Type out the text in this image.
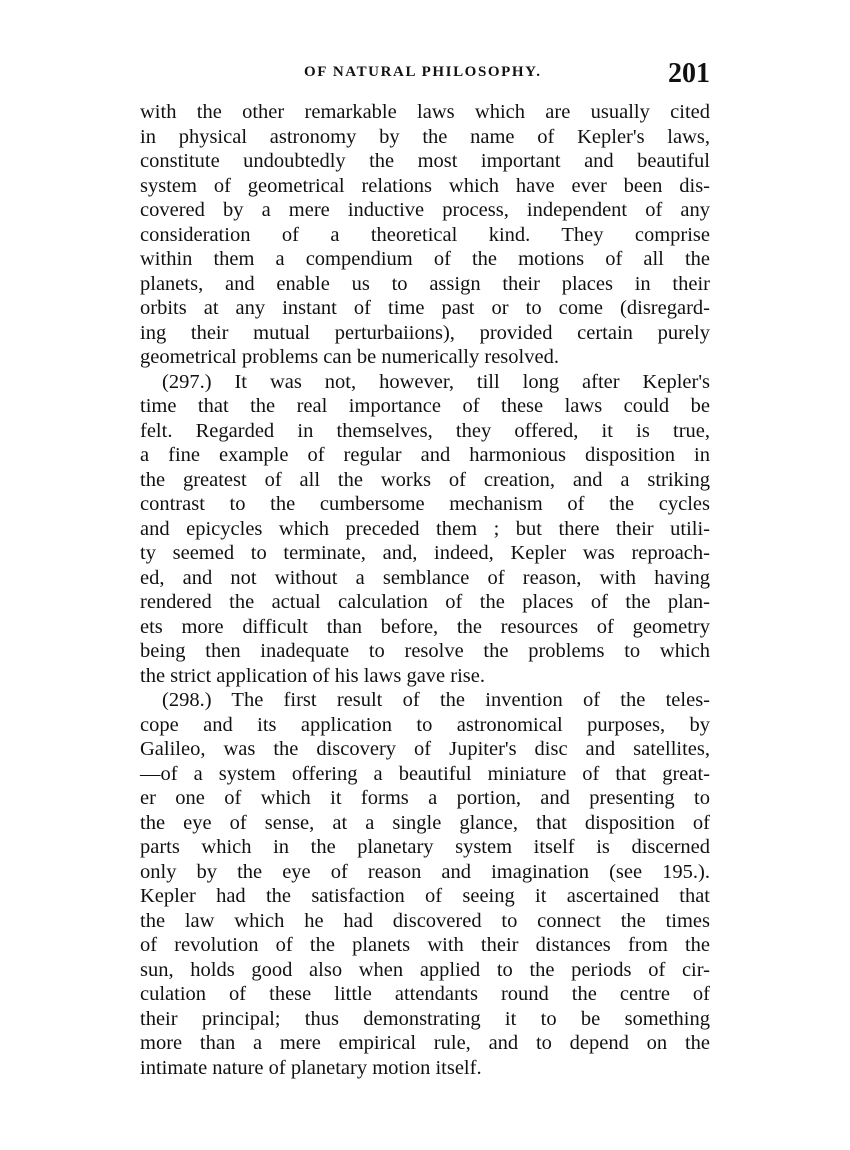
OF NATURAL PHILOSOPHY.	201
with the other remarkable laws which are usually cited
in physical astronomy by the name of Kepler's laws,
constitute undoubtedly the most important and beautiful
system of geometrical relations which have ever been dis-
covered by a mere inductive process, independent of any
consideration of a theoretical kind. They comprise
within them a compendium of the motions of all the
planets, and enable us to assign their places in their
orbits at any instant of time past or to come (disregard-
ing their mutual perturbaiions), provided certain purely
geometrical problems can be numerically resolved.
(297.) It was not, however, till long after Kepler's
time that the real importance of these laws could be
felt. Regarded in themselves, they offered, it is true,
a fine example of regular and harmonious disposition in
the greatest of all the works of creation, and a striking
contrast to the cumbersome mechanism of the cycles
and epicycles which preceded them ; but there their utili-
ty seemed to terminate, and, indeed, Kepler was reproach-
ed, and not without a semblance of reason, with having
rendered the actual calculation of the places of the plan-
ets more difficult than before, the resources of geometry
being then inadequate to resolve the problems to which
the strict application of his laws gave rise.
(298.) The first result of the invention of the teles-
cope and its application to astronomical purposes, by
Galileo, was the discovery of Jupiter's disc and satellites,
—of a system offering a beautiful miniature of that great-
er one of which it forms a portion, and presenting to
the eye of sense, at a single glance, that disposition of
parts which in the planetary system itself is discerned
only by the eye of reason and imagination (see 195.).
Kepler had the satisfaction of seeing it ascertained that
the law which he had discovered to connect the times
of revolution of the planets with their distances from the
sun, holds good also when applied to the periods of cir-
culation of these little attendants round the centre of
their principal; thus demonstrating it to be something
more than a mere empirical rule, and to depend on the
intimate nature of planetary motion itself.
